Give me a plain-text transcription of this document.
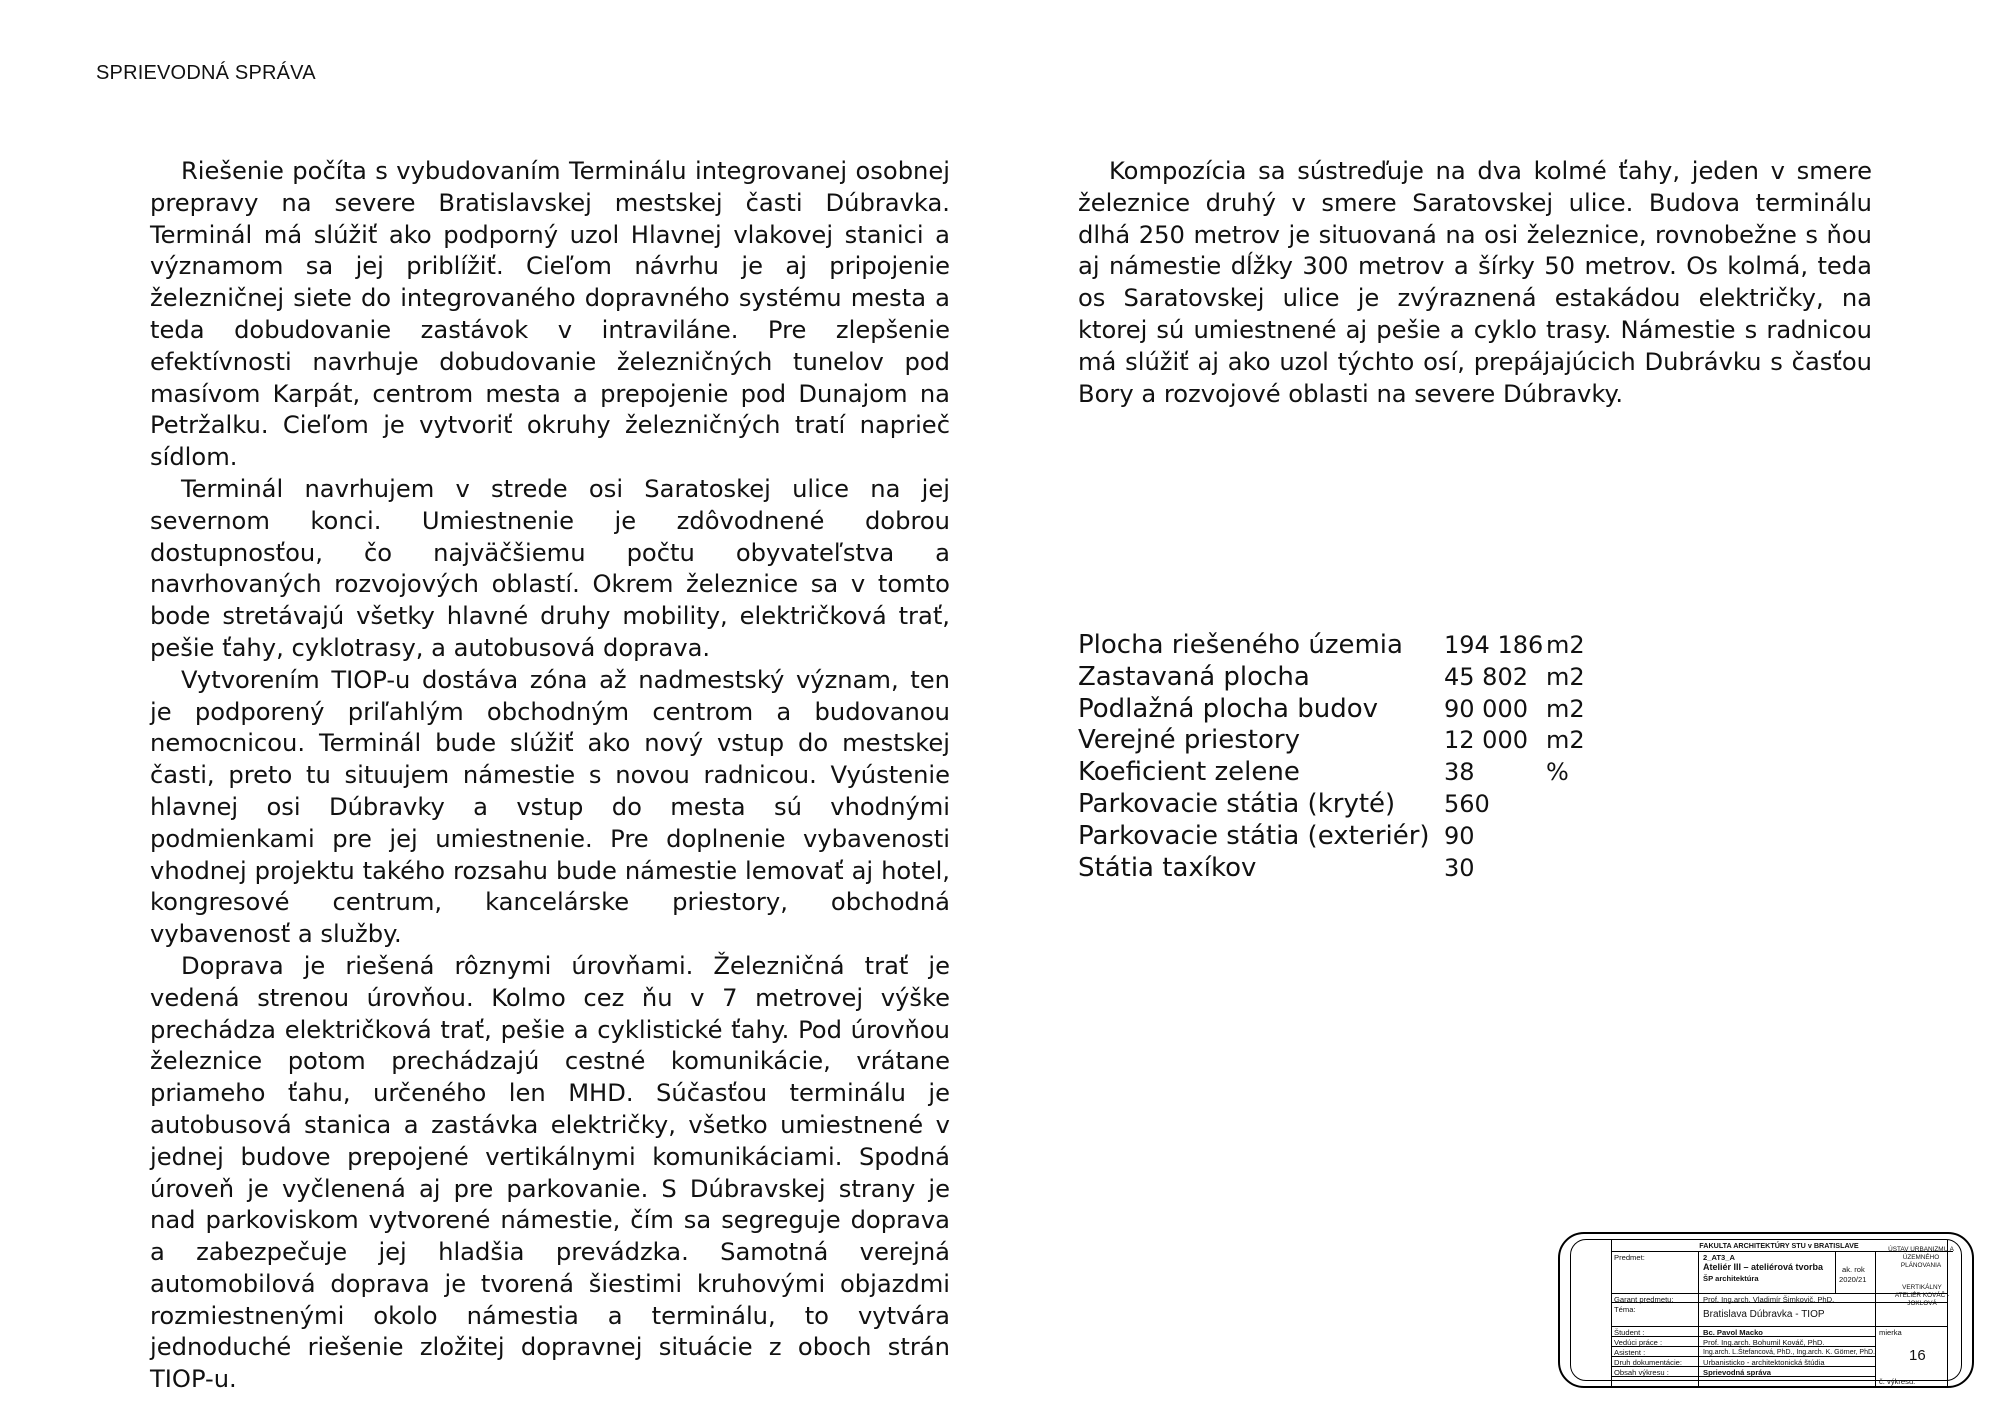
SPRIEVODNÁ SPRÁVA

Riešenie počíta s vybudovaním Terminálu integrovanej osobnej prepravy na severe Bratislavskej mestskej časti Dúbravka. Terminál má slúžiť ako podporný uzol Hlavnej vlakovej stanici a významom sa jej priblížiť. Cieľom návrhu je aj pripojenie železničnej siete do integrovaného dopravného systému mesta a teda dobudovanie zastávok v intraviláne. Pre zlepšenie efektívnosti navrhuje dobudovanie železničných tunelov pod masívom Karpát, centrom mesta a prepojenie pod Dunajom na Petržalku. Cieľom je vytvoriť okruhy železničných tratí naprieč sídlom.

Terminál navrhujem v strede osi Saratoskej ulice na jej severnom konci. Umiestnenie je zdôvodnené dobrou dostupnosťou, čo najväčšiemu počtu obyvateľstva a navrhovaných rozvojových oblastí. Okrem železnice sa v tomto bode stretávajú všetky hlavné druhy mobility, električková trať, pešie ťahy, cyklotrasy, a autobusová doprava.

Vytvorením TIOP-u dostáva zóna až nadmestský význam, ten je podporený priľahlým obchodným centrom a budovanou nemocnicou. Terminál bude slúžiť ako nový vstup do mestskej časti, preto tu situujem námestie s novou radnicou. Vyústenie hlavnej osi Dúbravky a vstup do mesta sú vhodnými podmienkami pre jej umiestnenie. Pre doplnenie vybavenosti vhodnej projektu takého rozsahu bude námestie lemovať aj hotel, kongresové centrum, kancelárske priestory, obchodná vybavenosť a služby.

Doprava je riešená rôznymi úrovňami. Železničná trať je vedená strenou úrovňou. Kolmo cez ňu v 7 metrovej výške prechádza električková trať, pešie a cyklistické ťahy. Pod úrovňou železnice potom prechádzajú cestné komunikácie, vrátane priameho ťahu, určeného len MHD. Súčasťou terminálu je autobusová stanica a zastávka električky, všetko umiestnené v jednej budove prepojené vertikálnymi komunikáciami. Spodná úroveň je vyčlenená aj pre parkovanie. S Dúbravskej strany je nad parkoviskom vytvorené námestie, čím sa segreguje doprava a zabezpečuje jej hladšia prevádzka. Samotná verejná automobilová doprava je tvorená šiestimi kruhovými objazdmi rozmiestnenými okolo námestia a terminálu, to vytvára jednoduché riešenie zložitej dopravnej situácie z oboch strán TIOP-u.

Kompozícia sa sústreďuje na dva kolmé ťahy, jeden v smere železnice druhý v smere Saratovskej ulice. Budova terminálu dlhá 250 metrov je situovaná na osi železnice, rovnobežne s ňou aj námestie dĺžky 300 metrov a šírky 50 metrov. Os kolmá, teda os Saratovskej ulice je zvýraznená estakádou električky, na ktorej sú umiestnené aj pešie a cyklo trasy. Námestie s radnicou má slúžiť aj ako uzol týchto osí, prepájajúcich Dubrávku s časťou Bory a rozvojové oblasti na severe Dúbravky.

Plocha riešeného územia	194 186	m2
Zastavaná plocha	45 802	m2
Podlažná plocha budov	90 000	m2
Verejné priestory	12 000	m2
Koeficient zelene	38	%
Parkovacie státia (kryté)	560	
Parkovacie státia (exteriér)	90	
Státia taxíkov	30	
FAKULTA ARCHITEKTÚRY STU v BRATISLAVE
Predmet:	2_AT3_A
Ateliér III – ateliérová tvorba
ŠP architektúra
ak. rok
2020/21
Garant predmetu:	Prof. Ing.arch. Vladimír Šimkovič, PhD.
Téma:	Bratislava Dúbravka - TIOP
Študent :	Bc. Pavol Macko
Vedúci práce :	Prof. Ing.arch. Bohumil Kováč, PhD.
Asistent :	Ing.arch. L.Štefancová, PhD., Ing.arch. K. Görner, PhD.
Druh dokumentácie:	Urbanisticko - architektonická štúdia
Obsah výkresu :	Sprievodná správa
mierka
16
č. výkresu:
ÚSTAV URBANIZMU A ÚZEMNÉHO PLÁNOVANIA
VERTIKÁLNY ATELIÉR KOVÁČ - JOKLOVÁ
